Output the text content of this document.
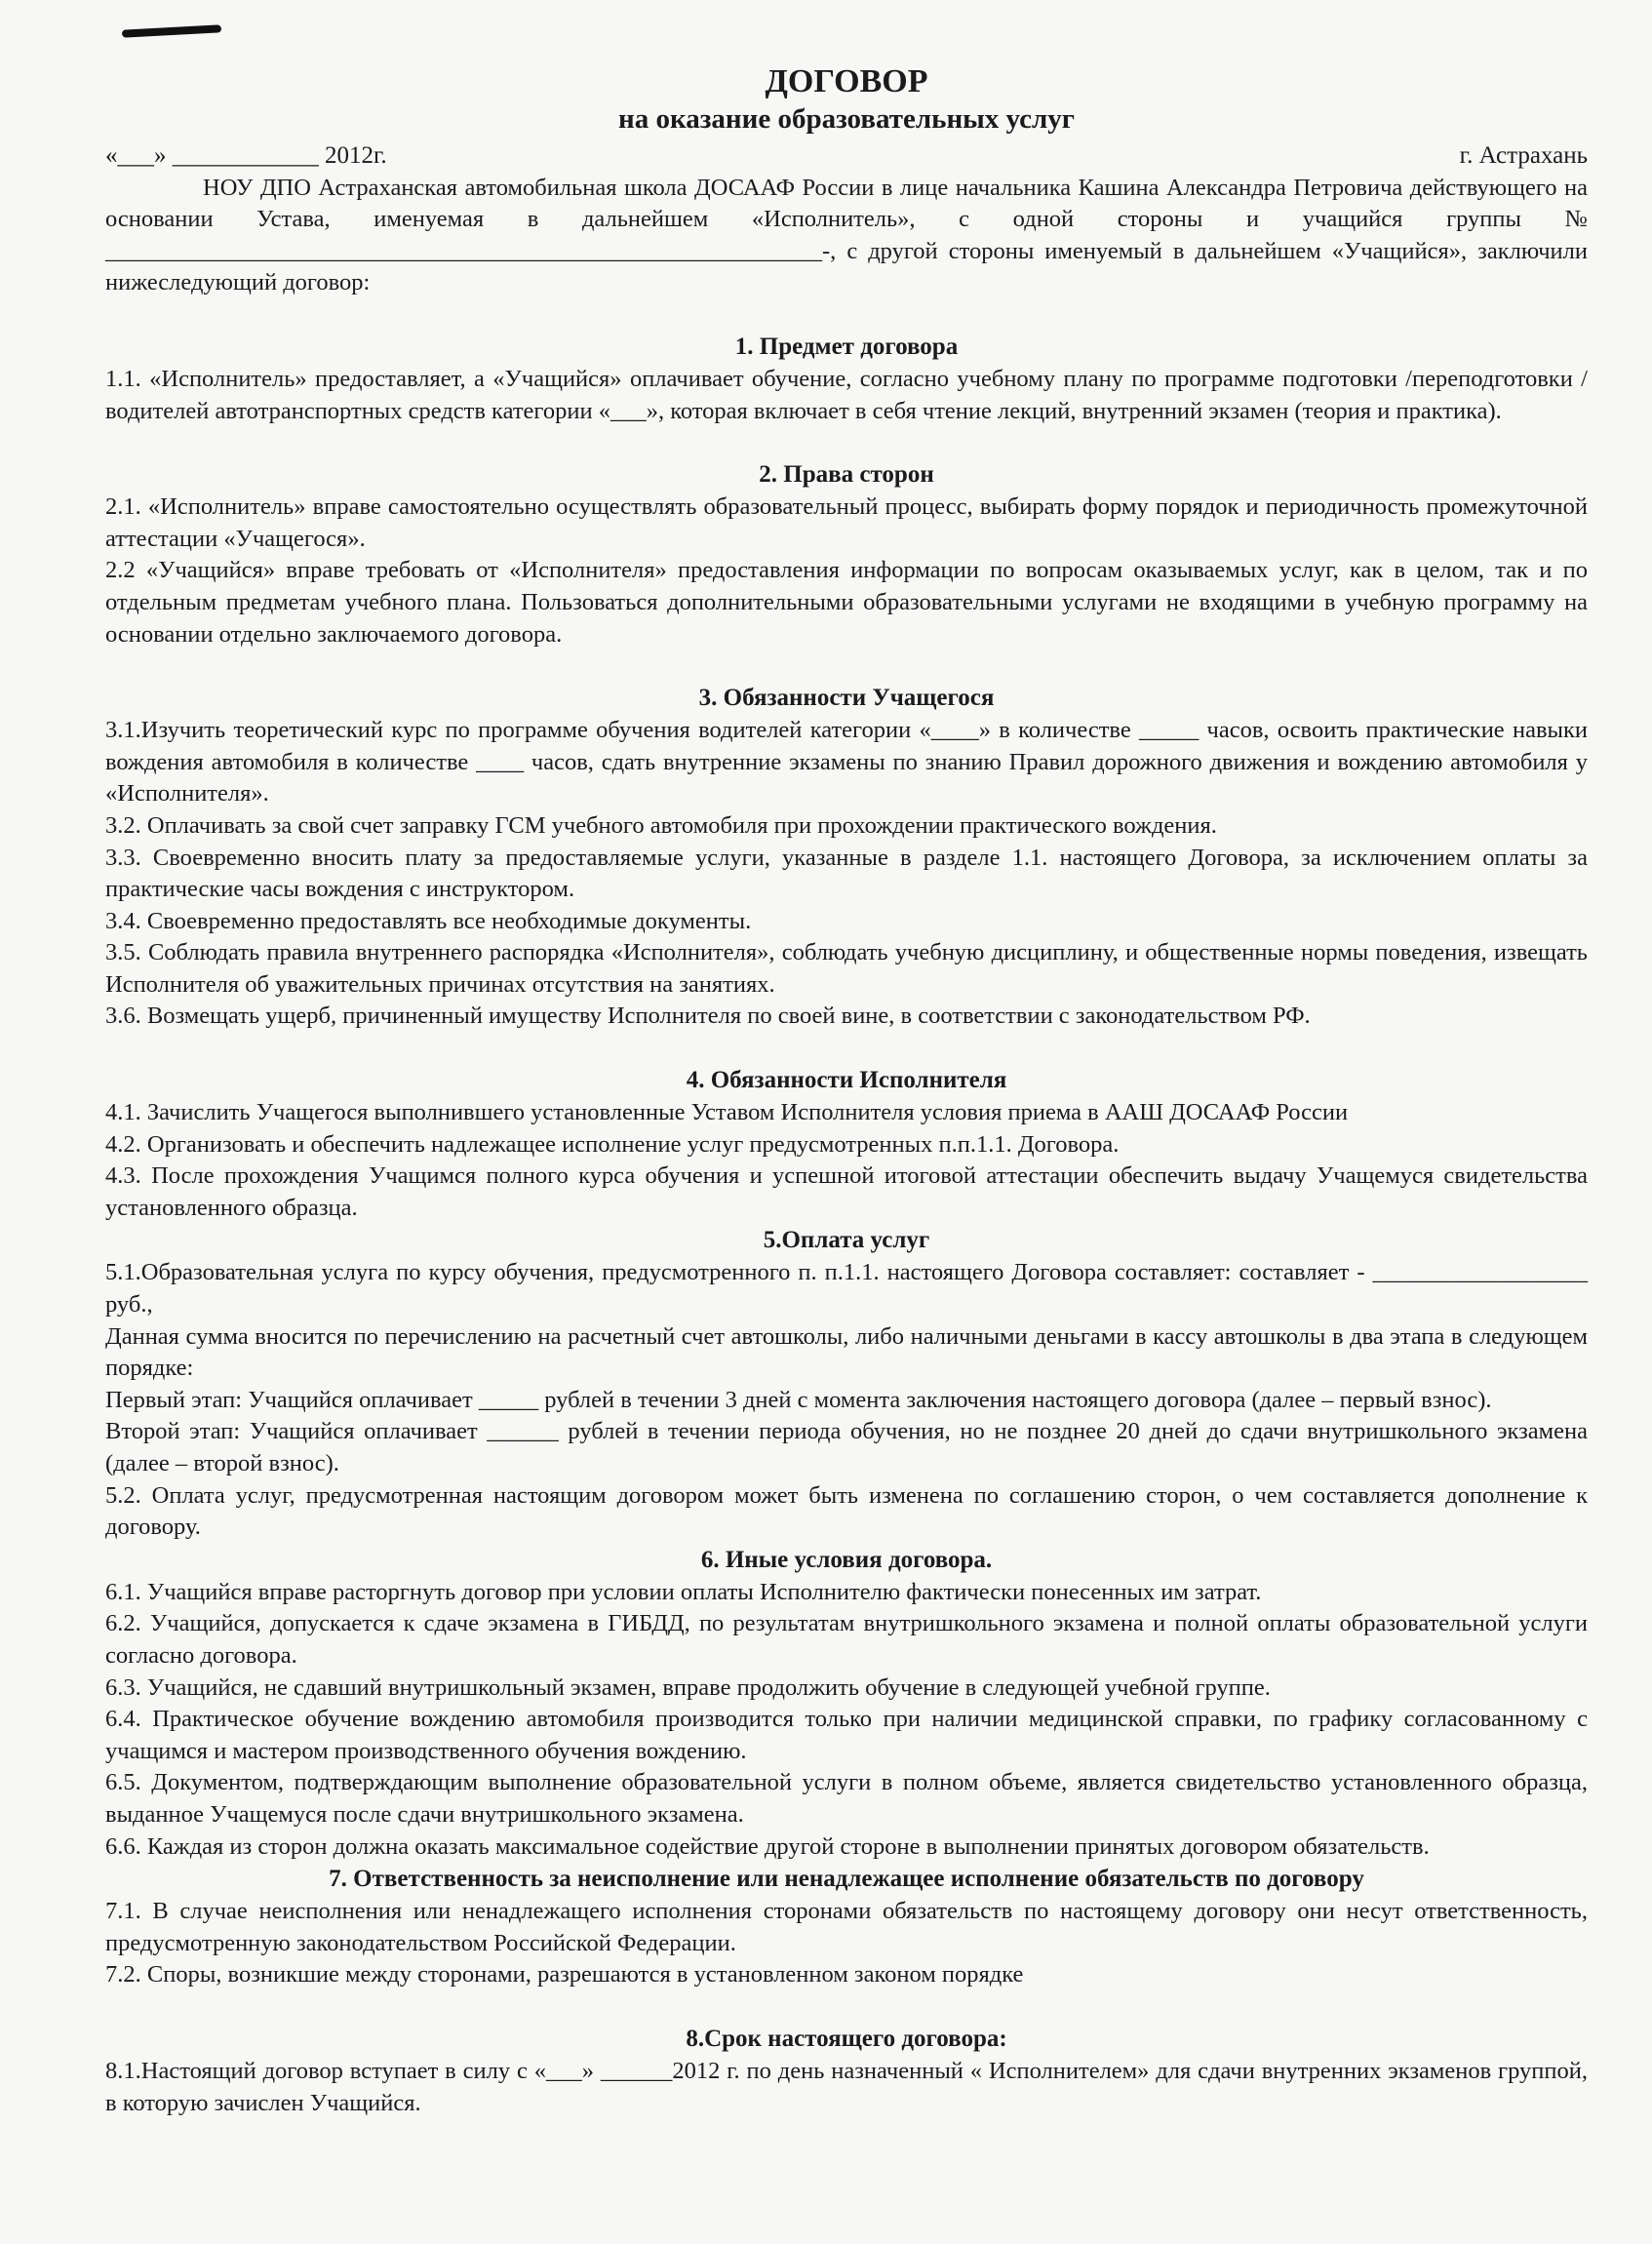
ДОГОВОР
на оказание образовательных услуг
«___» ____________ 2012г.	г. Астрахань

НОУ ДПО Астраханская автомобильная школа ДОСААФ России в лице начальника Кашина Александра Петровича действующего на основании Устава, именуемая в дальнейшем «Исполнитель», с одной стороны и учащийся группы № ____________________________________________________________-, с другой стороны именуемый в дальнейшем «Учащийся», заключили нижеследующий договор:

1. Предмет договора

1.1. «Исполнитель» предоставляет, а «Учащийся» оплачивает обучение, согласно учебному плану по программе подготовки /переподготовки / водителей автотранспортных средств категории «___», которая включает в себя чтение лекций, внутренний экзамен (теория и практика).

2. Права сторон

2.1. «Исполнитель» вправе самостоятельно осуществлять образовательный процесс, выбирать форму порядок и периодичность промежуточной аттестации «Учащегося».

2.2 «Учащийся» вправе требовать от «Исполнителя» предоставления информации по вопросам оказываемых услуг, как в целом, так и по отдельным предметам учебного плана. Пользоваться дополнительными образовательными услугами не входящими в учебную программу на основании отдельно заключаемого договора.

3. Обязанности Учащегося

3.1.Изучить теоретический курс по программе обучения водителей категории «____» в количестве _____ часов, освоить практические навыки вождения автомобиля в количестве ____ часов, сдать внутренние экзамены по знанию Правил дорожного движения и вождению автомобиля у «Исполнителя».

3.2. Оплачивать за свой счет заправку ГСМ учебного автомобиля при прохождении практического вождения.

3.3. Своевременно вносить плату за предоставляемые услуги, указанные в разделе 1.1. настоящего Договора, за исключением оплаты за практические часы вождения с инструктором.

3.4. Своевременно предоставлять все необходимые документы.

3.5. Соблюдать правила внутреннего распорядка «Исполнителя», соблюдать учебную дисциплину, и общественные нормы поведения, извещать Исполнителя об уважительных причинах отсутствия на занятиях.

3.6. Возмещать ущерб, причиненный имуществу Исполнителя по своей вине, в соответствии с законодательством РФ.

4. Обязанности Исполнителя

4.1. Зачислить Учащегося выполнившего установленные Уставом Исполнителя условия приема в ААШ ДОСААФ России

4.2. Организовать и обеспечить надлежащее исполнение услуг предусмотренных п.п.1.1. Договора.

4.3. После прохождения Учащимся полного курса обучения и успешной итоговой аттестации обеспечить выдачу Учащемуся свидетельства установленного образца.

5.Оплата услуг

5.1.Образовательная услуга по курсу обучения, предусмотренного п. п.1.1. настоящего Договора составляет: составляет - __________________ руб.,

Данная сумма вносится по перечислению на расчетный счет автошколы, либо наличными деньгами в кассу автошколы в два этапа в следующем порядке:

Первый этап: Учащийся оплачивает _____ рублей в течении 3 дней с момента заключения настоящего договора (далее – первый взнос).

Второй этап: Учащийся оплачивает ______ рублей в течении периода обучения, но не позднее 20 дней до сдачи внутришкольного экзамена (далее – второй взнос).

5.2. Оплата услуг, предусмотренная настоящим договором может быть изменена по соглашению сторон, о чем составляется дополнение к договору.

6. Иные условия договора.

6.1. Учащийся вправе расторгнуть договор при условии оплаты Исполнителю фактически понесенных им затрат.

6.2. Учащийся, допускается к сдаче экзамена в ГИБДД, по результатам внутришкольного экзамена и полной оплаты образовательной услуги согласно договора.

6.3. Учащийся, не сдавший внутришкольный экзамен, вправе продолжить обучение в следующей учебной группе.

6.4. Практическое обучение вождению автомобиля производится только при наличии медицинской справки, по графику согласованному с учащимся и мастером производственного обучения вождению.

6.5. Документом, подтверждающим выполнение образовательной услуги в полном объеме, является свидетельство установленного образца, выданное Учащемуся после сдачи внутришкольного экзамена.

6.6. Каждая из сторон должна оказать максимальное содействие другой стороне в выполнении принятых договором обязательств.

7. Ответственность за неисполнение или ненадлежащее исполнение обязательств по договору

7.1. В случае неисполнения или ненадлежащего исполнения сторонами обязательств по настоящему договору они несут ответственность, предусмотренную законодательством Российской Федерации.

7.2. Споры, возникшие между сторонами, разрешаются в установленном законом порядке

8.Срок настоящего договора:

8.1.Настоящий договор вступает в силу с «___» ______2012 г. по день назначенный « Исполнителем» для сдачи внутренних экзаменов группой, в которую зачислен Учащийся.
